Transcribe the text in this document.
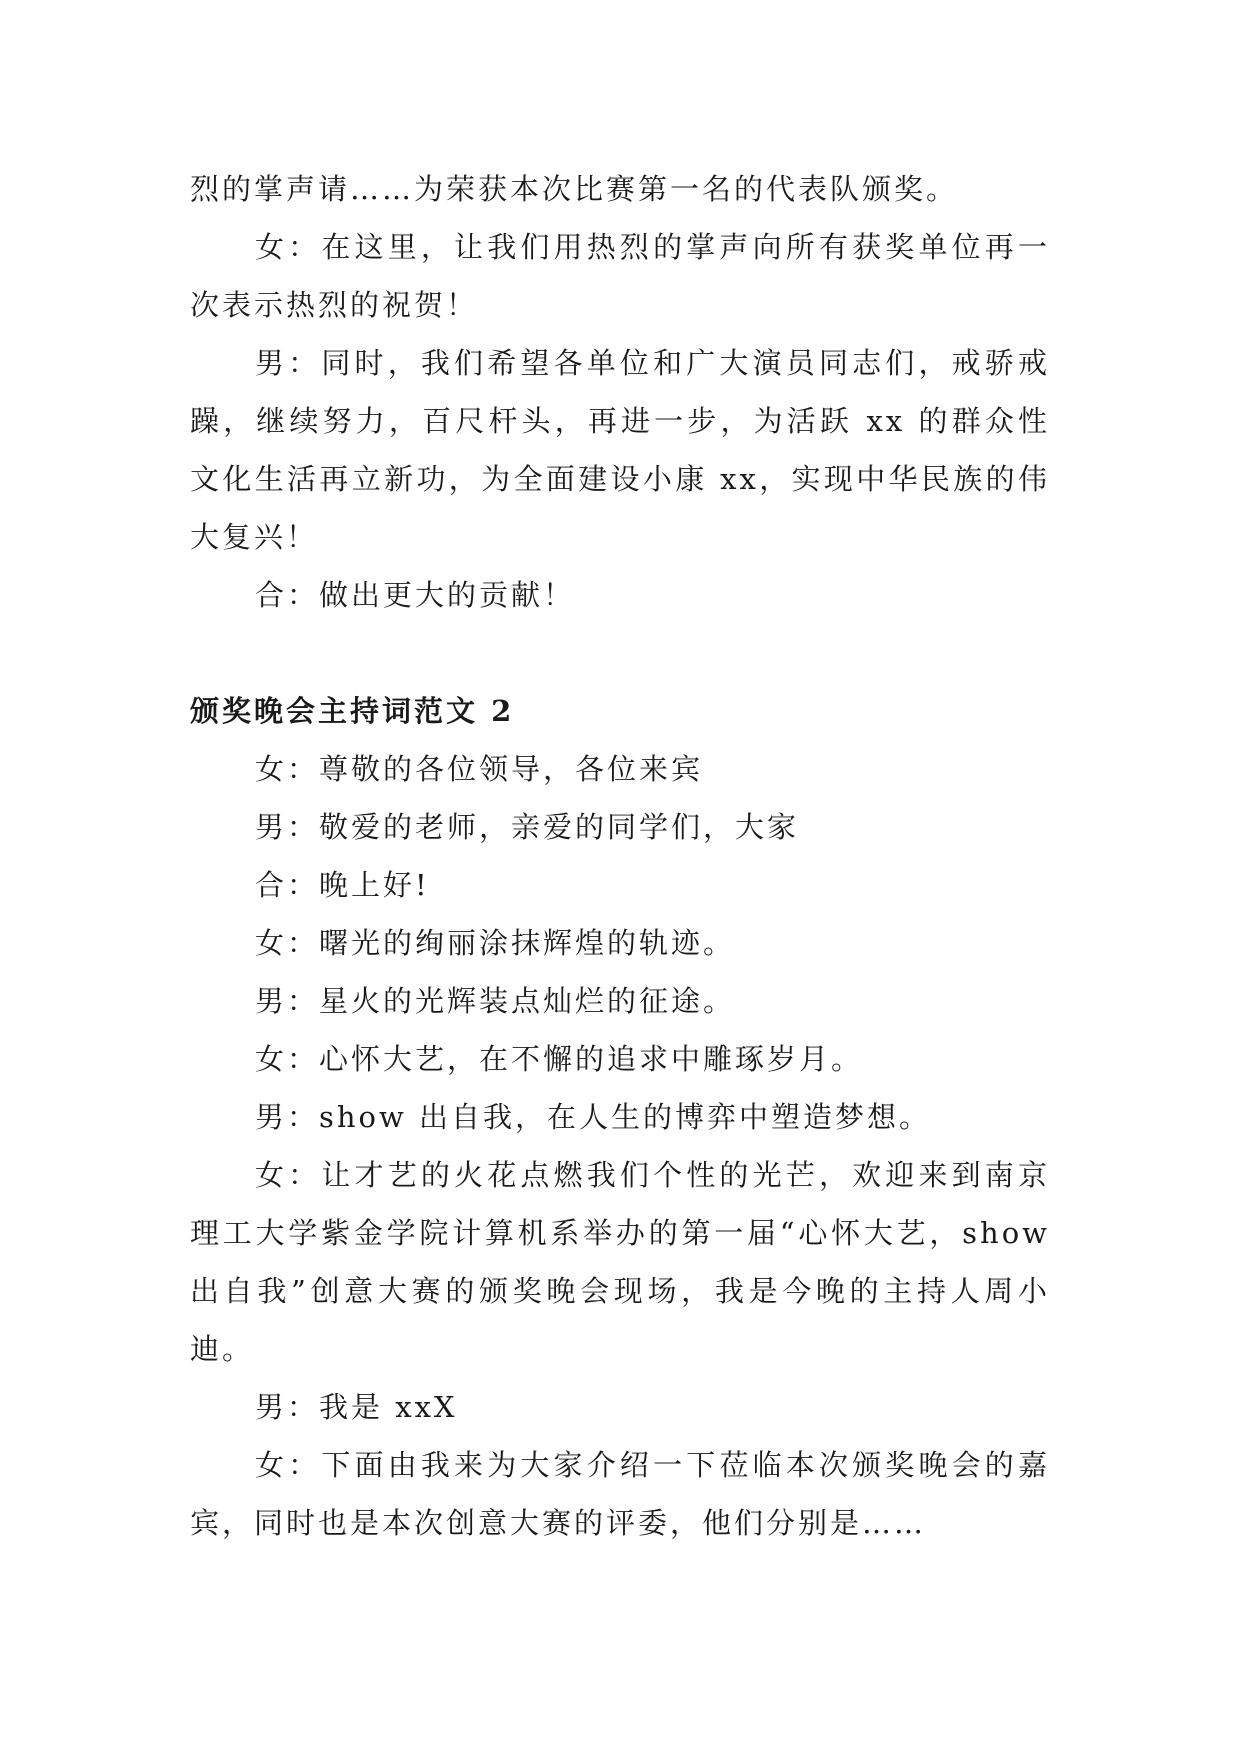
烈的掌声请……为荣获本次比赛第一名的代表队颁奖。

女：在这里，让我们用热烈的掌声向所有获奖单位再一次表示热烈的祝贺！

男：同时，我们希望各单位和广大演员同志们，戒骄戒躁，继续努力，百尺杆头，再进一步，为活跃 xx 的群众性文化生活再立新功，为全面建设小康 xx，实现中华民族的伟大复兴！

合：做出更大的贡献！

颁奖晚会主持词范文 2

女：尊敬的各位领导，各位来宾

男：敬爱的老师，亲爱的同学们，大家

合：晚上好!

女：曙光的绚丽涂抹辉煌的轨迹。

男：星火的光辉装点灿烂的征途。

女：心怀大艺，在不懈的追求中雕琢岁月。

男：show 出自我，在人生的博弈中塑造梦想。

女：让才艺的火花点燃我们个性的光芒，欢迎来到南京理工大学紫金学院计算机系举办的第一届“心怀大艺，show 出自我”创意大赛的颁奖晚会现场，我是今晚的主持人周小迪。

男：我是 xxX

女：下面由我来为大家介绍一下莅临本次颁奖晚会的嘉宾，同时也是本次创意大赛的评委，他们分别是……
